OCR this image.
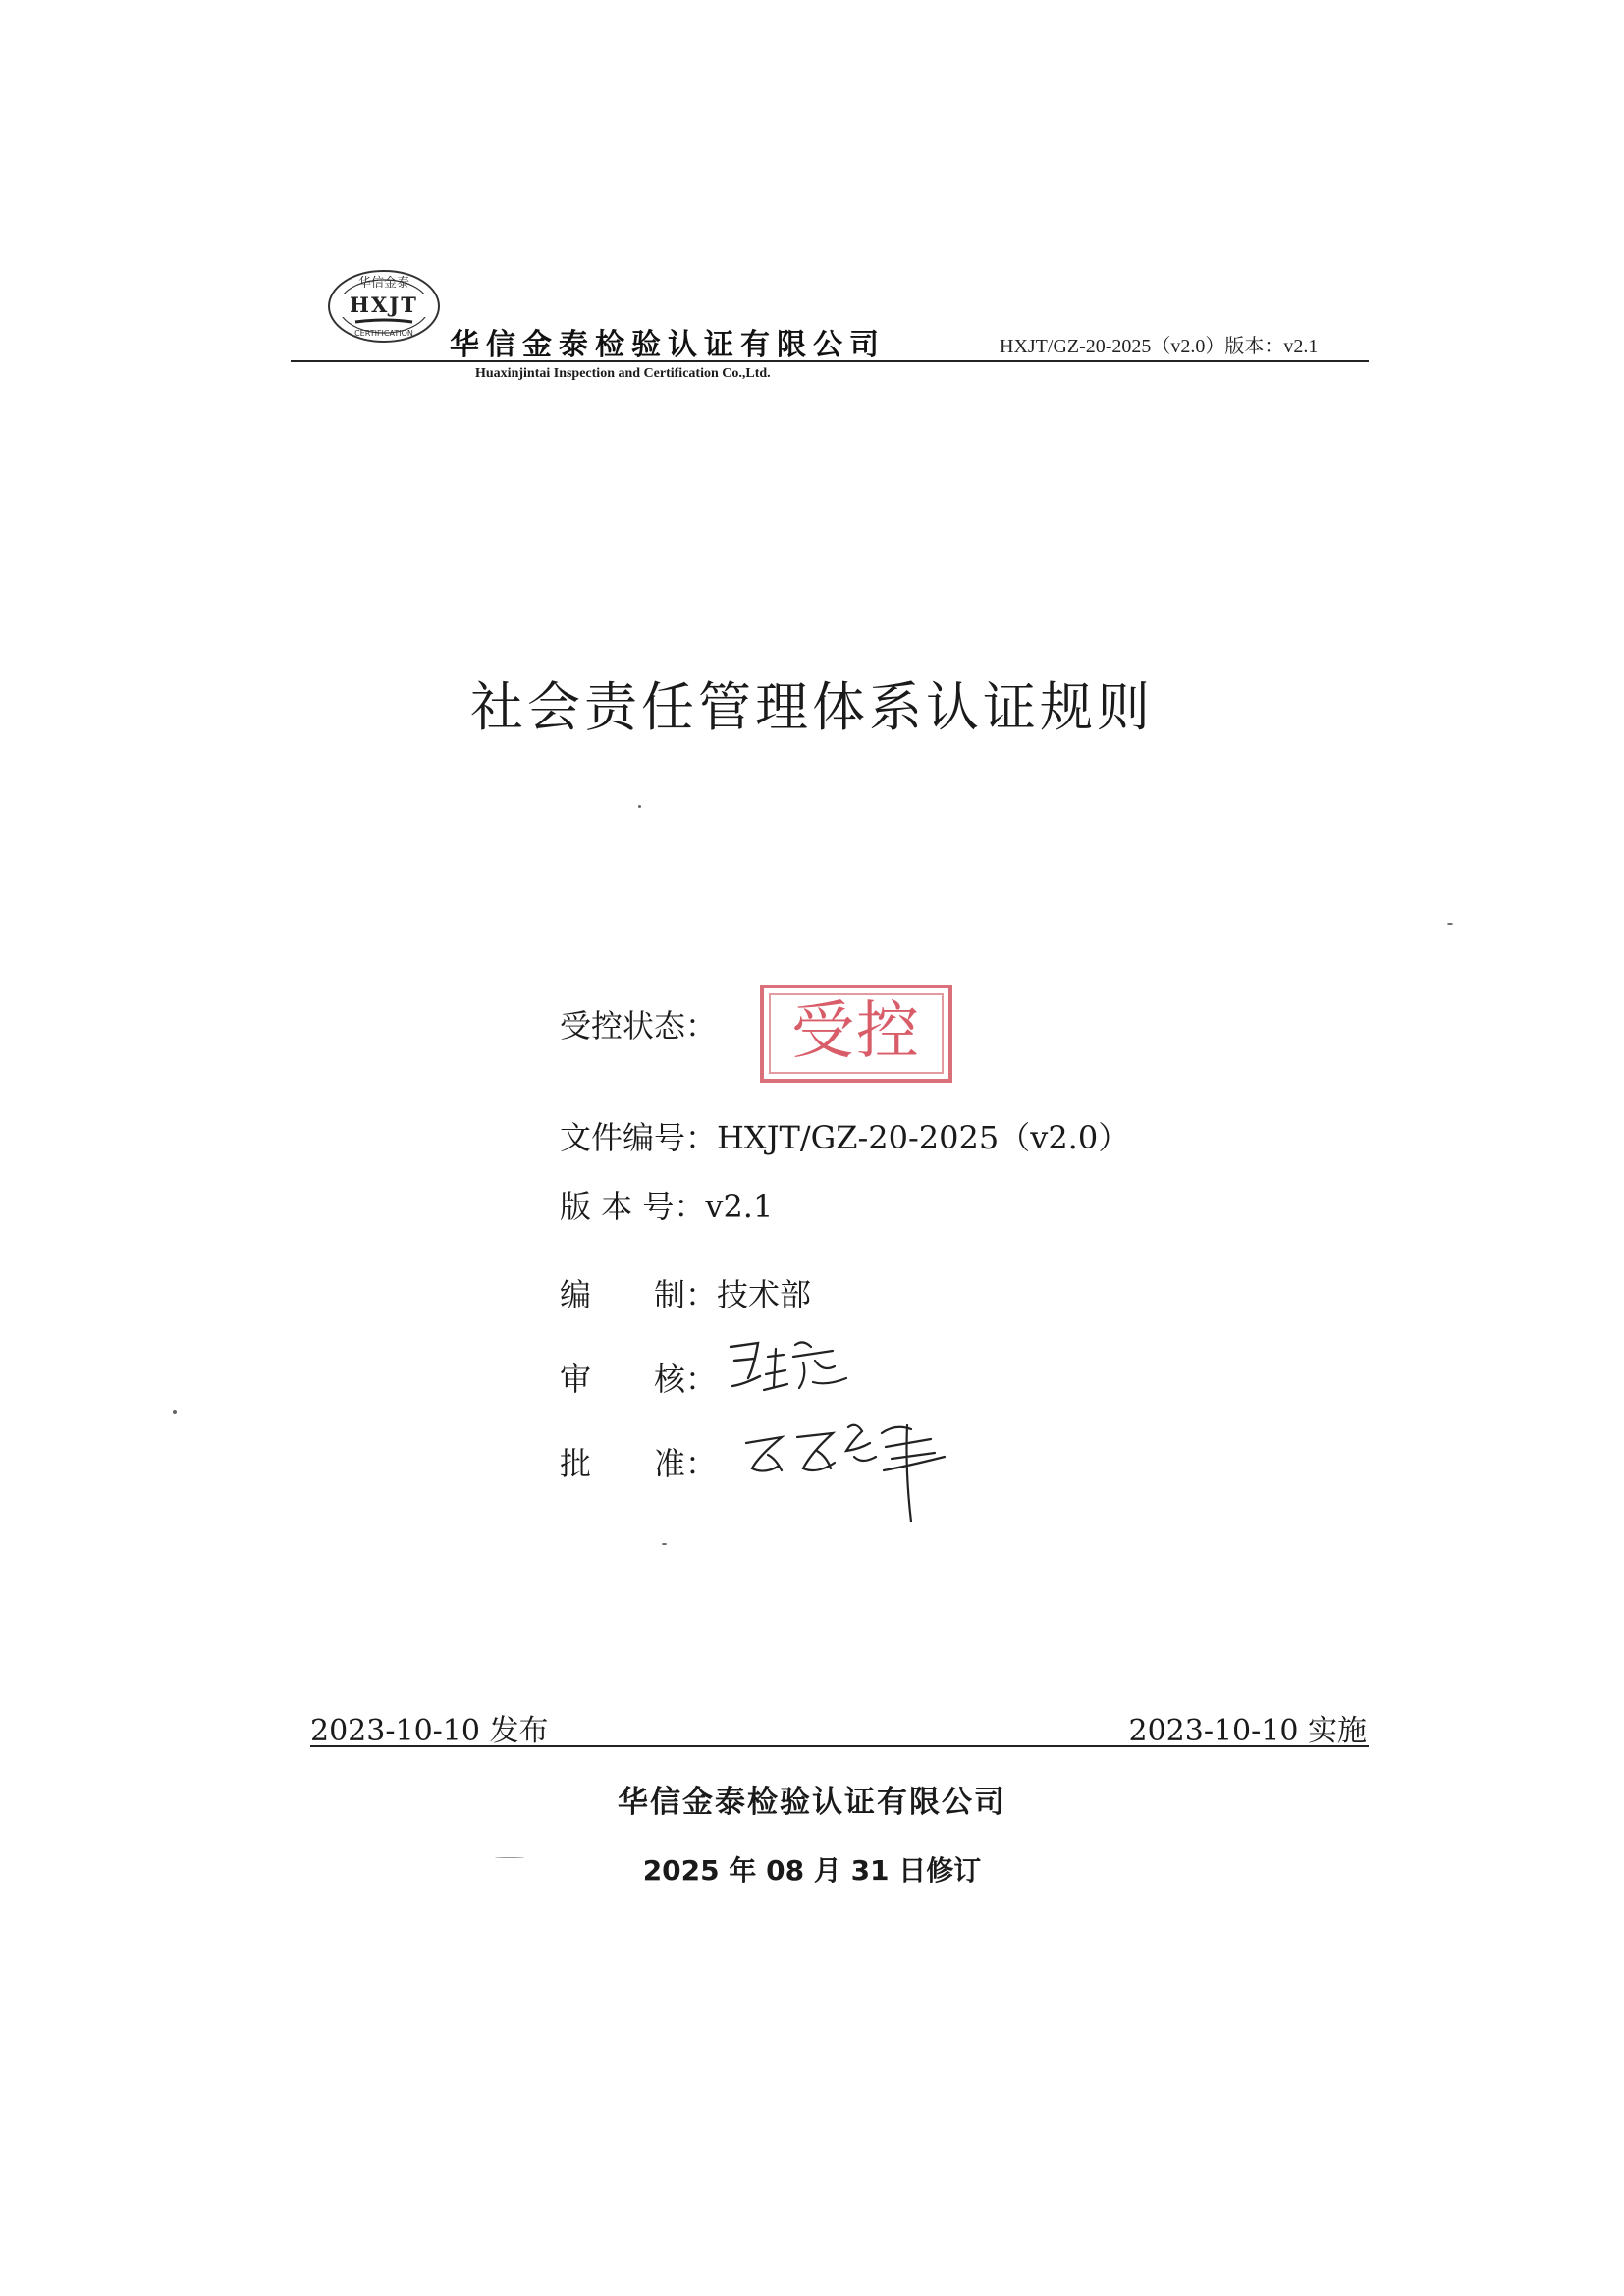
华信金泰
HXJT
CERTIFICATION 华信金泰检验认证有限公司	HXJT/GZ-20-2025（v2.0）版本：v2.1
Huaxinjintai Inspection and Certification Co.,Ltd.
社会责任管理体系认证规则
受控状态：	受控
文件编号：HXJT/GZ-20-2025（v2.0）
版 本 号：v2.1
编　　制：技术部
审　　核：
批　　准：
2023-10-10 发布	2023-10-10 实施
华信金泰检验认证有限公司
2025 年 08 月 31 日修订
